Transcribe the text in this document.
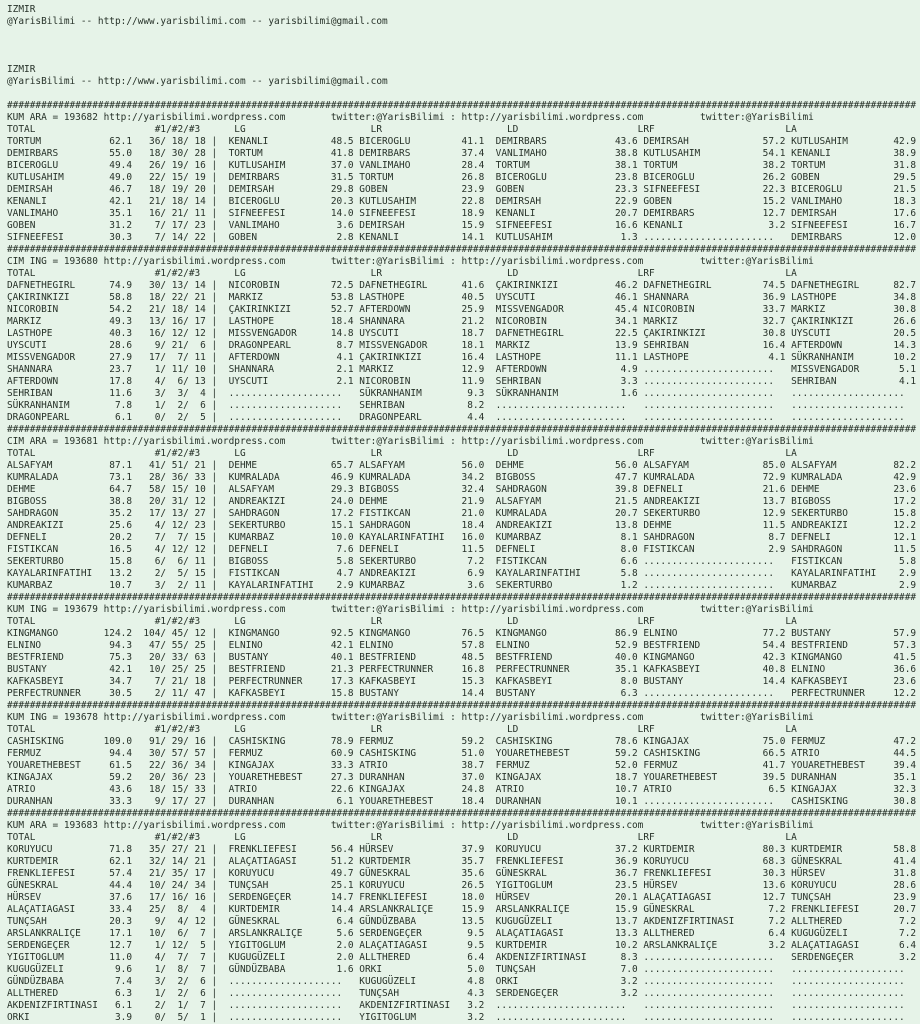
IZMIR
@YarisBilimi -- http://www.yarisbilimi.com -- yarisbilimi@gmail.com
IZMIR
@YarisBilimi -- http://www.yarisbilimi.com -- yarisbilimi@gmail.com
################################################################################################################################################################
KUM ARA = 193682 http://yarisbilimi.wordpress.com        twitter:@YarisBilimi : http://yarisbilimi.wordpress.com          twitter:@YarisBilimi
TOTAL                     #1/#2/#3      LG                      LR                      LD                     LRF                       LA
TORTUM            62.1   36/ 18/ 18 |  KENANLI           48.5 BICEROGLU         41.1  DEMIRBARS            43.6 DEMIRSAH             57.2 KUTLUSAHIM        42.9
DEMIRBARS         55.0   18/ 30/ 28 |  TORTUM            41.8 DEMIRBARS         37.4  VANLIMAHO            38.8 KUTLUSAHIM           54.1 KENANLI           38.9
BICEROGLU         49.4   26/ 19/ 16 |  KUTLUSAHIM        37.0 VANLIMAHO         28.4  TORTUM               38.1 TORTUM               38.2 TORTUM            31.8
KUTLUSAHIM        49.0   22/ 15/ 19 |  DEMIRBARS         31.5 TORTUM            26.8  BICEROGLU            23.8 BICEROGLU            26.2 GOBEN             29.5
DEMIRSAH          46.7   18/ 19/ 20 |  DEMIRSAH          29.8 GOBEN             23.9  GOBEN                23.3 SIFNEEFESI           22.3 BICEROGLU         21.5
KENANLI           42.1   21/ 18/ 14 |  BICEROGLU         20.3 KUTLUSAHIM        22.8  DEMIRSAH             22.9 GOBEN                15.2 VANLIMAHO         18.3
VANLIMAHO         35.1   16/ 21/ 11 |  SIFNEEFESI        14.0 SIFNEEFESI        18.9  KENANLI              20.7 DEMIRBARS            12.7 DEMIRSAH          17.6
GOBEN             31.2    7/ 17/ 23 |  VANLIMAHO          3.6 DEMIRSAH          15.9  SIFNEEFESI           16.6 KENANLI               3.2 SIFNEEFESI        16.7
SIFNEEFESI        30.3    7/ 14/ 22 |  GOBEN              2.8 KENANLI           14.1  KUTLUSAHIM            1.3 .......................   DEMIRBARS         12.0
################################################################################################################################################################
CIM ING = 193680 http://yarisbilimi.wordpress.com        twitter:@YarisBilimi : http://yarisbilimi.wordpress.com          twitter:@YarisBilimi
TOTAL                     #1/#2/#3      LG                      LR                      LD                     LRF                       LA
DAFNETHEGIRL      74.9   30/ 13/ 14 |  NICOROBIN         72.5 DAFNETHEGIRL      41.6  ÇAKIRINKIZI          46.2 DAFNETHEGIRL         74.5 DAFNETHEGIRL      82.7
ÇAKIRINKIZI       58.8   18/ 22/ 21 |  MARKIZ            53.8 LASTHOPE          40.5  UYSCUTI              46.1 SHANNARA             36.9 LASTHOPE          34.8
NICOROBIN         54.2   21/ 18/ 14 |  ÇAKIRINKIZI       52.7 AFTERDOWN         25.9  MISSVENGADOR         45.4 NICOROBIN            33.7 MARKIZ            30.8
MARKIZ            49.3   13/ 16/ 17 |  LASTHOPE          18.4 SHANNARA          21.2  NICOROBIN            34.1 MARKIZ               32.7 ÇAKIRINKIZI       26.6
LASTHOPE          40.3   16/ 12/ 12 |  MISSVENGADOR      14.8 UYSCUTI           18.7  DAFNETHEGIRL         22.5 ÇAKIRINKIZI          30.8 UYSCUTI           20.5
UYSCUTI           28.6    9/ 21/  6 |  DRAGONPEARL        8.7 MISSVENGADOR      18.1  MARKIZ               13.9 SEHRIBAN             16.4 AFTERDOWN         14.3
MISSVENGADOR      27.9   17/  7/ 11 |  AFTERDOWN          4.1 ÇAKIRINKIZI       16.4  LASTHOPE             11.1 LASTHOPE              4.1 SÜKRANHANIM       10.2
SHANNARA          23.7    1/ 11/ 10 |  SHANNARA           2.1 MARKIZ            12.9  AFTERDOWN             4.9 .......................   MISSVENGADOR       5.1
AFTERDOWN         17.8    4/  6/ 13 |  UYSCUTI            2.1 NICOROBIN         11.9  SEHRIBAN              3.3 .......................   SEHRIBAN           4.1
SEHRIBAN          11.6    3/  3/  4 |  ....................   SÜKRANHANIM        9.3  SÜKRANHANIM           1.6 .......................   ....................
SÜKRANHANIM        7.8    1/  2/  6 |  ....................   SEHRIBAN           8.2  .......................   .......................   ....................
DRAGONPEARL        6.1    0/  2/  5 |  ....................   DRAGONPEARL        4.4  .......................   .......................   ....................
################################################################################################################################################################
CIM ARA = 193681 http://yarisbilimi.wordpress.com        twitter:@YarisBilimi : http://yarisbilimi.wordpress.com          twitter:@YarisBilimi
TOTAL                     #1/#2/#3      LG                      LR                      LD                     LRF                       LA
ALSAFYAM          87.1   41/ 51/ 21 |  DEHME             65.7 ALSAFYAM          56.0  DEHME                56.0 ALSAFYAM             85.0 ALSAFYAM          82.2
KUMRALADA         73.1   28/ 36/ 33 |  KUMRALADA         46.9 KUMRALADA         34.2  BIGBOSS              47.7 KUMRALADA            72.9 KUMRALADA         42.9
DEHME             64.7   58/ 15/ 10 |  ALSAFYAM          29.3 BIGBOSS           32.4  SAHDRAGON            39.8 DEFNELI              21.6 DEHME             23.6
BIGBOSS           38.8   20/ 31/ 12 |  ANDREAKIZI        24.0 DEHME             21.9  ALSAFYAM             21.5 ANDREAKIZI           13.7 BIGBOSS           17.2
SAHDRAGON         35.2   17/ 13/ 27 |  SAHDRAGON         17.2 FISTIKCAN         21.0  KUMRALADA            20.7 SEKERTURBO           12.9 SEKERTURBO        15.8
ANDREAKIZI        25.6    4/ 12/ 23 |  SEKERTURBO        15.1 SAHDRAGON         18.4  ANDREAKIZI           13.8 DEHME                11.5 ANDREAKIZI        12.2
DEFNELI           20.2    7/  7/ 15 |  KUMARBAZ          10.0 KAYALARINFATIHI   16.0  KUMARBAZ              8.1 SAHDRAGON             8.7 DEFNELI           12.1
FISTIKCAN         16.5    4/ 12/ 12 |  DEFNELI            7.6 DEFNELI           11.5  DEFNELI               8.0 FISTIKCAN             2.9 SAHDRAGON         11.5
SEKERTURBO        15.8    6/  6/ 11 |  BIGBOSS            5.8 SEKERTURBO         7.2  FISTIKCAN             6.6 .......................   FISTIKCAN          5.8
KAYALARINFATIHI   13.2    2/  5/ 15 |  FISTIKCAN          4.7 ANDREAKIZI         6.9  KAYALARINFATIHI       5.8 .......................   KAYALARINFATIHI    2.9
KUMARBAZ          10.7    3/  2/ 11 |  KAYALARINFATIHI    2.9 KUMARBAZ           3.6  SEKERTURBO            1.2 .......................   KUMARBAZ           2.9
################################################################################################################################################################
KUM ING = 193679 http://yarisbilimi.wordpress.com        twitter:@YarisBilimi : http://yarisbilimi.wordpress.com          twitter:@YarisBilimi
TOTAL                     #1/#2/#3      LG                      LR                      LD                     LRF                       LA
KINGMANGO        124.2  104/ 45/ 12 |  KINGMANGO         92.5 KINGMANGO         76.5  KINGMANGO            86.9 ELNINO               77.2 BUSTANY           57.9
ELNINO            94.3   47/ 55/ 25 |  ELNINO            42.1 ELNINO            57.8  ELNINO               52.9 BESTFRIEND           54.4 BESTFRIEND        57.3
BESTFRIEND        75.3   20/ 33/ 63 |  BUSTANY           40.1 BESTFRIEND        48.5  BESTFRIEND           40.0 KINGMANGO            42.3 KINGMANGO         41.5
BUSTANY           42.1   10/ 25/ 25 |  BESTFRIEND        21.3 PERFECTRUNNER     16.8  PERFECTRUNNER        35.1 KAFKASBEYI           40.8 ELNINO            36.6
KAFKASBEYI        34.7    7/ 21/ 18 |  PERFECTRUNNER     17.3 KAFKASBEYI        15.3  KAFKASBEYI            8.0 BUSTANY              14.4 KAFKASBEYI        23.6
PERFECTRUNNER     30.5    2/ 11/ 47 |  KAFKASBEYI        15.8 BUSTANY           14.4  BUSTANY               6.3 .......................   PERFECTRUNNER     12.2
################################################################################################################################################################
KUM ING = 193678 http://yarisbilimi.wordpress.com        twitter:@YarisBilimi : http://yarisbilimi.wordpress.com          twitter:@YarisBilimi
TOTAL                     #1/#2/#3      LG                      LR                      LD                     LRF                       LA
CASHISKING       109.0   91/ 29/ 16 |  CASHISKING        78.9 FERMUZ            59.2  CASHISKING           78.6 KINGAJAX             75.0 FERMUZ            47.2
FERMUZ            94.4   30/ 57/ 57 |  FERMUZ            60.9 CASHISKING        51.0  YOUARETHEBEST        59.2 CASHISKING           66.5 ATRIO             44.5
YOUARETHEBEST     61.5   22/ 36/ 34 |  KINGAJAX          33.3 ATRIO             38.7  FERMUZ               52.0 FERMUZ               41.7 YOUARETHEBEST     39.4
KINGAJAX          59.2   20/ 36/ 23 |  YOUARETHEBEST     27.3 DURANHAN          37.0  KINGAJAX             18.7 YOUARETHEBEST        39.5 DURANHAN          35.1
ATRIO             43.6   18/ 15/ 33 |  ATRIO             22.6 KINGAJAX          24.8  ATRIO                10.7 ATRIO                 6.5 KINGAJAX          32.3
DURANHAN          33.3    9/ 17/ 27 |  DURANHAN           6.1 YOUARETHEBEST     18.4  DURANHAN             10.1 .......................   CASHISKING        30.8
################################################################################################################################################################
KUM ARA = 193683 http://yarisbilimi.wordpress.com        twitter:@YarisBilimi : http://yarisbilimi.wordpress.com          twitter:@YarisBilimi
TOTAL                     #1/#2/#3      LG                      LR                      LD                     LRF                       LA
KORUYUCU          71.8   35/ 27/ 21 |  FRENKLIEFESI      56.4 HÜRSEV            37.9  KORUYUCU             37.2 KURTDEMIR            80.3 KURTDEMIR         58.8
KURTDEMIR         62.1   32/ 14/ 21 |  ALAÇATIAGASI      51.2 KURTDEMIR         35.7  FRENKLIEFESI         36.9 KORUYUCU             68.3 GÜNESKRAL         41.4
FRENKLIEFESI      57.4   21/ 35/ 17 |  KORUYUCU          49.7 GÜNESKRAL         35.6  GÜNESKRAL            36.7 FRENKLIEFESI         30.3 HÜRSEV            31.8
GÜNESKRAL         44.4   10/ 24/ 34 |  TUNÇSAH           25.1 KORUYUCU          26.5  YIGITOGLUM           23.5 HÜRSEV               13.6 KORUYUCU          28.6
HÜRSEV            37.6   17/ 16/ 16 |  SERDENGEÇER       14.7 FRENKLIEFESI      18.0  HÜRSEV               20.1 ALAÇATIAGASI         12.7 TUNÇSAH           23.9
ALAÇATIAGASI      33.4   25/  8/  4 |  KURTDEMIR         14.4 ARSLANKRALIÇE     15.9  ARSLANKRALIÇE        15.9 GÜNESKRAL             7.2 FRENKLIEFESI      20.7
TUNÇSAH           20.3    9/  4/ 12 |  GÜNESKRAL          6.4 GÜNDÜZBABA        13.5  KUGUGÜZELI           13.7 AKDENIZFIRTINASI      7.2 ALLTHERED          7.2
ARSLANKRALIÇE     17.1   10/  6/  7 |  ARSLANKRALIÇE      5.6 SERDENGEÇER        9.5  ALAÇATIAGASI         13.3 ALLTHERED             6.4 KUGUGÜZELI         7.2
SERDENGEÇER       12.7    1/ 12/  5 |  YIGITOGLUM         2.0 ALAÇATIAGASI       9.5  KURTDEMIR            10.2 ARSLANKRALIÇE         3.2 ALAÇATIAGASI       6.4
YIGITOGLUM        11.0    4/  7/  7 |  KUGUGÜZELI         2.0 ALLTHERED          6.4  AKDENIZFIRTINASI      8.3 .......................   SERDENGEÇER        3.2
KUGUGÜZELI         9.6    1/  8/  7 |  GÜNDÜZBABA         1.6 ORKI               5.0  TUNÇSAH               7.0 .......................   ....................
GÜNDÜZBABA         7.4    3/  2/  6 |  ....................   KUGUGÜZELI         4.8  ORKI                  3.2 .......................   ....................
ALLTHERED          6.3    1/  2/  6 |  ....................   TUNÇSAH            4.3  SERDENGEÇER           3.2 .......................   ....................
AKDENIZFIRTINASI   6.1    2/  1/  7 |  ....................   AKDENIZFIRTINASI   3.2  .......................   .......................   ....................
ORKI               3.9    0/  5/  1 |  ....................   YIGITOGLUM         3.2  .......................   .......................   ....................
